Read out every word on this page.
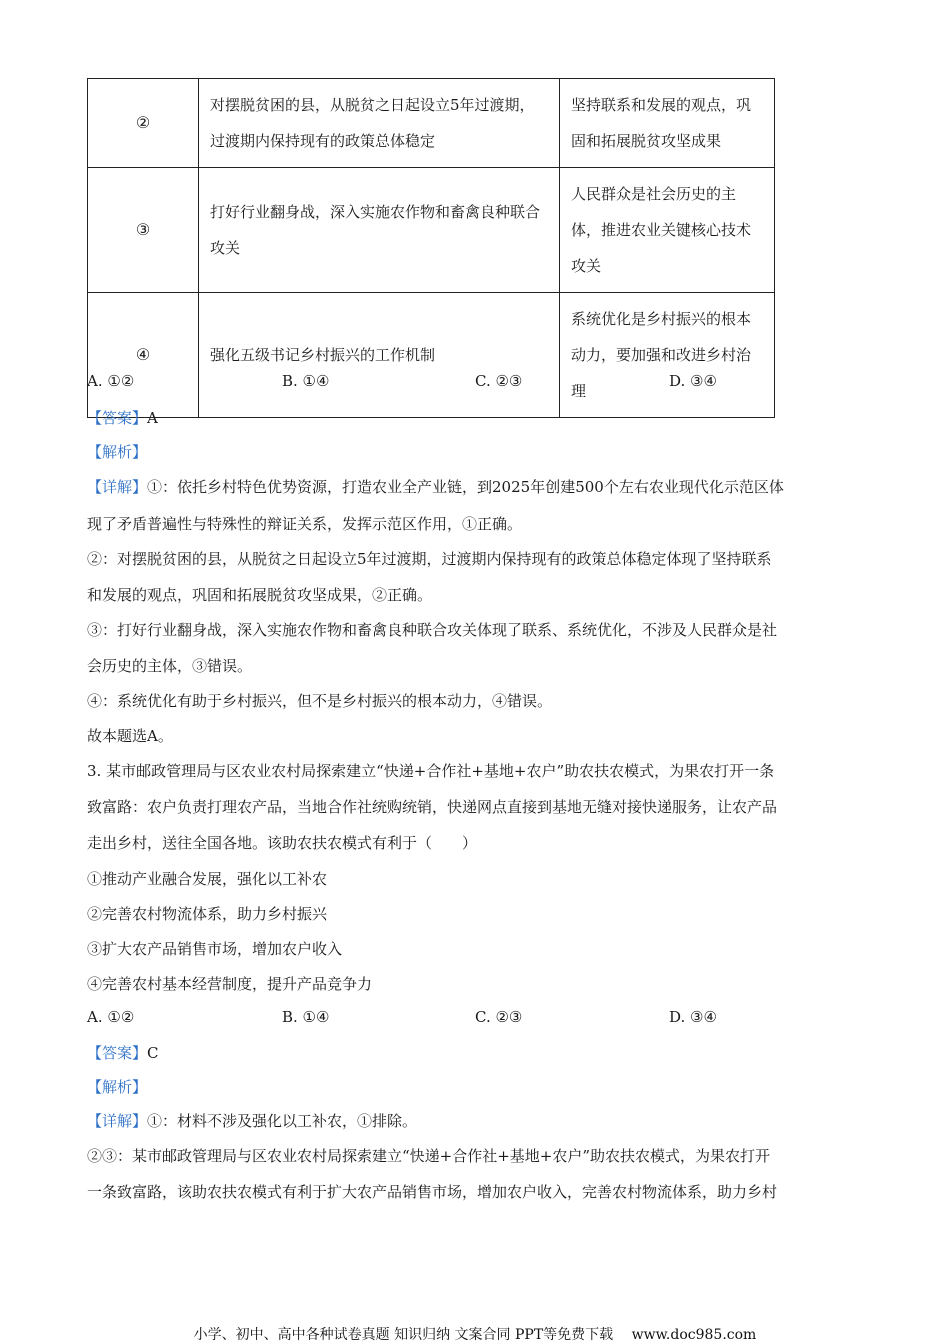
②	对摆脱贫困的县，从脱贫之日起设立5年过渡期，过渡期内保持现有的政策总体稳定	坚持联系和发展的观点，巩固和拓展脱贫攻坚成果
③	打好行业翻身战，深入实施农作物和畜禽良种联合攻关	人民群众是社会历史的主体，推进农业关键核心技术攻关
④	强化五级书记乡村振兴的工作机制	系统优化是乡村振兴的根本动力，要加强和改进乡村治理
A. ①②	B. ①④	C. ②③	D. ③④
【答案】A
【解析】
【详解】①：依托乡村特色优势资源，打造农业全产业链，到2025年创建500个左右农业现代化示范区体
现了矛盾普遍性与特殊性的辩证关系，发挥示范区作用，①正确。
②：对摆脱贫困的县，从脱贫之日起设立5年过渡期，过渡期内保持现有的政策总体稳定体现了坚持联系
和发展的观点，巩固和拓展脱贫攻坚成果，②正确。
③：打好行业翻身战，深入实施农作物和畜禽良种联合攻关体现了联系、系统优化，不涉及人民群众是社
会历史的主体，③错误。
④：系统优化有助于乡村振兴，但不是乡村振兴的根本动力，④错误。
故本题选A。
3. 某市邮政管理局与区农业农村局探索建立“快递+合作社+基地+农户”助农扶农模式，为果农打开一条
致富路：农户负责打理农产品，当地合作社统购统销，快递网点直接到基地无缝对接快递服务，让农产品
走出乡村，送往全国各地。该助农扶农模式有利于（　　）
①推动产业融合发展，强化以工补农
②完善农村物流体系，助力乡村振兴
③扩大农产品销售市场，增加农户收入
④完善农村基本经营制度，提升产品竞争力
A. ①②	B. ①④	C. ②③	D. ③④
【答案】C
【解析】
【详解】①：材料不涉及强化以工补农，①排除。
②③：某市邮政管理局与区农业农村局探索建立“快递+合作社+基地+农户”助农扶农模式，为果农打开
一条致富路，该助农扶农模式有利于扩大农产品销售市场，增加农户收入，完善农村物流体系，助力乡村
小学、初中、高中各种试卷真题 知识归纳 文案合同 PPT等免费下载　 www.doc985.com
